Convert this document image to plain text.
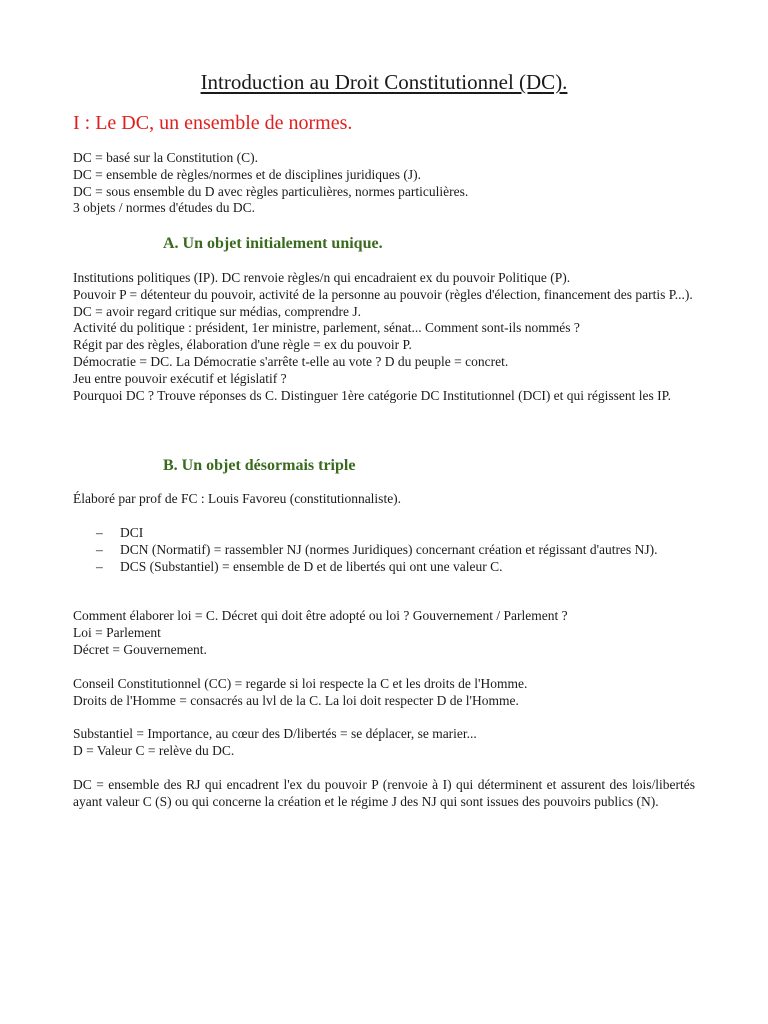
Introduction au Droit Constitutionnel (DC).
I : Le DC, un ensemble de normes.

DC = basé sur la Constitution (C).

DC = ensemble de règles/normes et de disciplines juridiques (J).

DC = sous ensemble du D avec règles particulières, normes particulières.

3 objets / normes d'études du DC.

A. Un objet initialement unique.

Institutions politiques (IP). DC renvoie règles/n qui encadraient ex du pouvoir Politique (P).

Pouvoir P = détenteur du pouvoir, activité de la personne au pouvoir (règles d'élection, financement des partis P...).

DC = avoir regard critique sur médias, comprendre J.

Activité du politique : président, 1er ministre, parlement, sénat... Comment sont-ils nommés ?

Régit par des règles, élaboration d'une règle = ex du pouvoir P.

Démocratie = DC. La Démocratie s'arrête t-elle au vote ? D du peuple = concret.

Jeu entre pouvoir exécutif et législatif ?

Pourquoi DC ? Trouve réponses ds C. Distinguer 1ère catégorie DC Institutionnel (DCI) et qui régissent les IP.

B. Un objet désormais triple

Élaboré par prof de FC : Louis Favoreu (constitutionnaliste).

– DCI
– DCN (Normatif) = rassembler NJ (normes Juridiques) concernant création et régissant d'autres NJ).
– DCS (Substantiel) = ensemble de D et de libertés qui ont une valeur C.

Comment élaborer loi = C. Décret qui doit être adopté ou loi ? Gouvernement / Parlement ?

Loi = Parlement

Décret = Gouvernement.

Conseil Constitutionnel (CC) = regarde si loi respecte la C et les droits de l'Homme.

Droits de l'Homme = consacrés au lvl de la C. La loi doit respecter D de l'Homme.

Substantiel = Importance, au cœur des D/libertés = se déplacer, se marier...

D = Valeur C = relève du DC.

DC = ensemble des RJ qui encadrent l'ex du pouvoir P (renvoie à I) qui déterminent et assurent des lois/libertés ayant valeur C (S) ou qui concerne la création et le régime J des NJ qui sont issues des pouvoirs publics (N).
